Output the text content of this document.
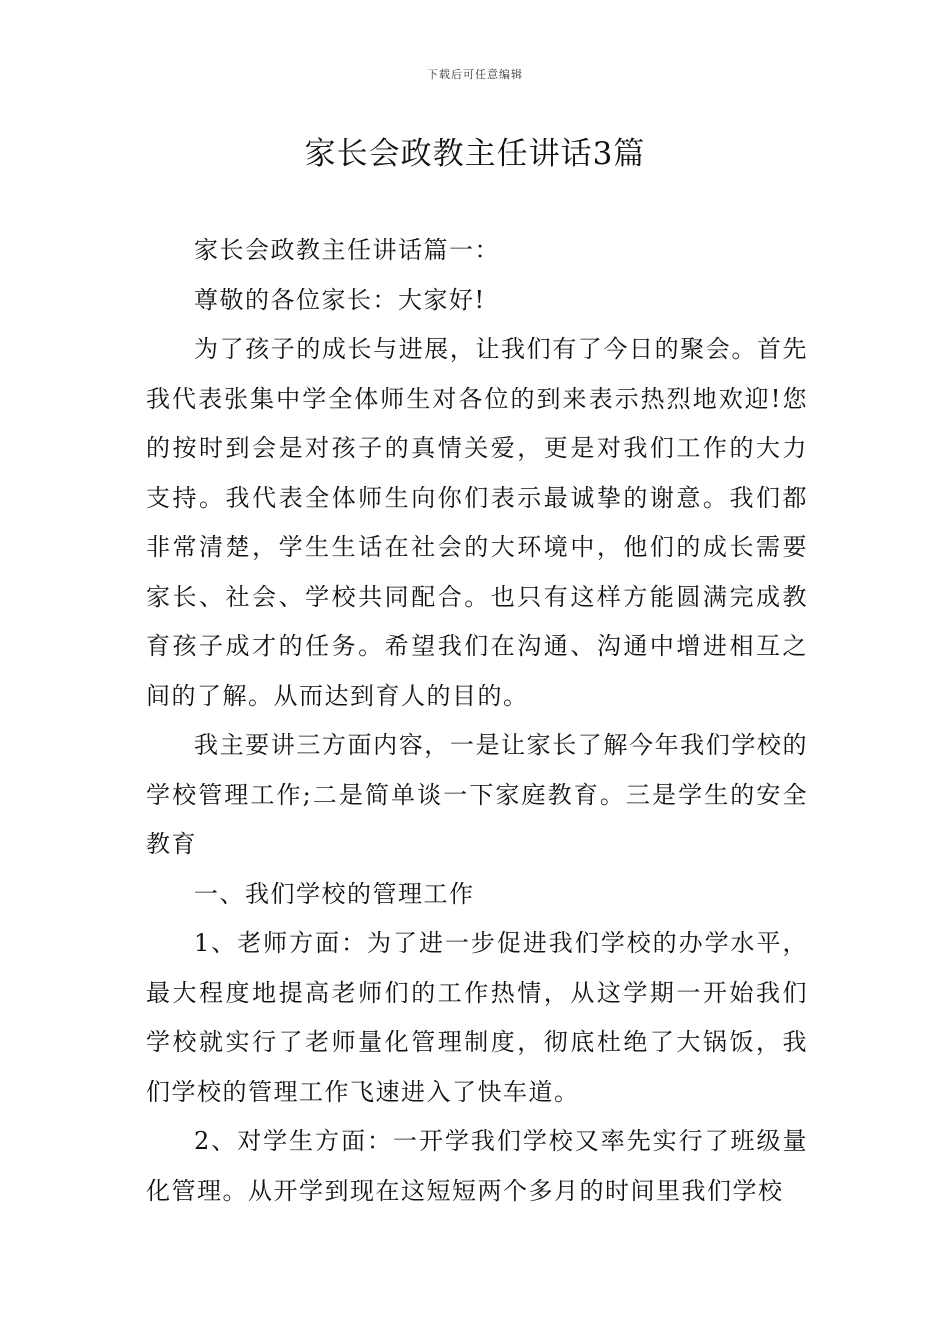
下载后可任意编辑
家长会政教主任讲话3篇

家长会政教主任讲话篇一：

尊敬的各位家长：大家好!

为了孩子的成长与进展，让我们有了今日的聚会。首先我代表张集中学全体师生对各位的到来表示热烈地欢迎!您的按时到会是对孩子的真情关爱，更是对我们工作的大力支持。我代表全体师生向你们表示最诚挚的谢意。我们都非常清楚，学生生话在社会的大环境中，他们的成长需要家长、社会、学校共同配合。也只有这样方能圆满完成教育孩子成才的任务。希望我们在沟通、沟通中增进相互之间的了解。从而达到育人的目的。

我主要讲三方面内容，一是让家长了解今年我们学校的学校管理工作;二是简单谈一下家庭教育。三是学生的安全教育

一、我们学校的管理工作

1、老师方面：为了进一步促进我们学校的办学水平，最大程度地提高老师们的工作热情，从这学期一开始我们学校就实行了老师量化管理制度，彻底杜绝了大锅饭，我们学校的管理工作飞速进入了快车道。

2、对学生方面：一开学我们学校又率先实行了班级量化管理。从开学到现在这短短两个多月的时间里我们学校
